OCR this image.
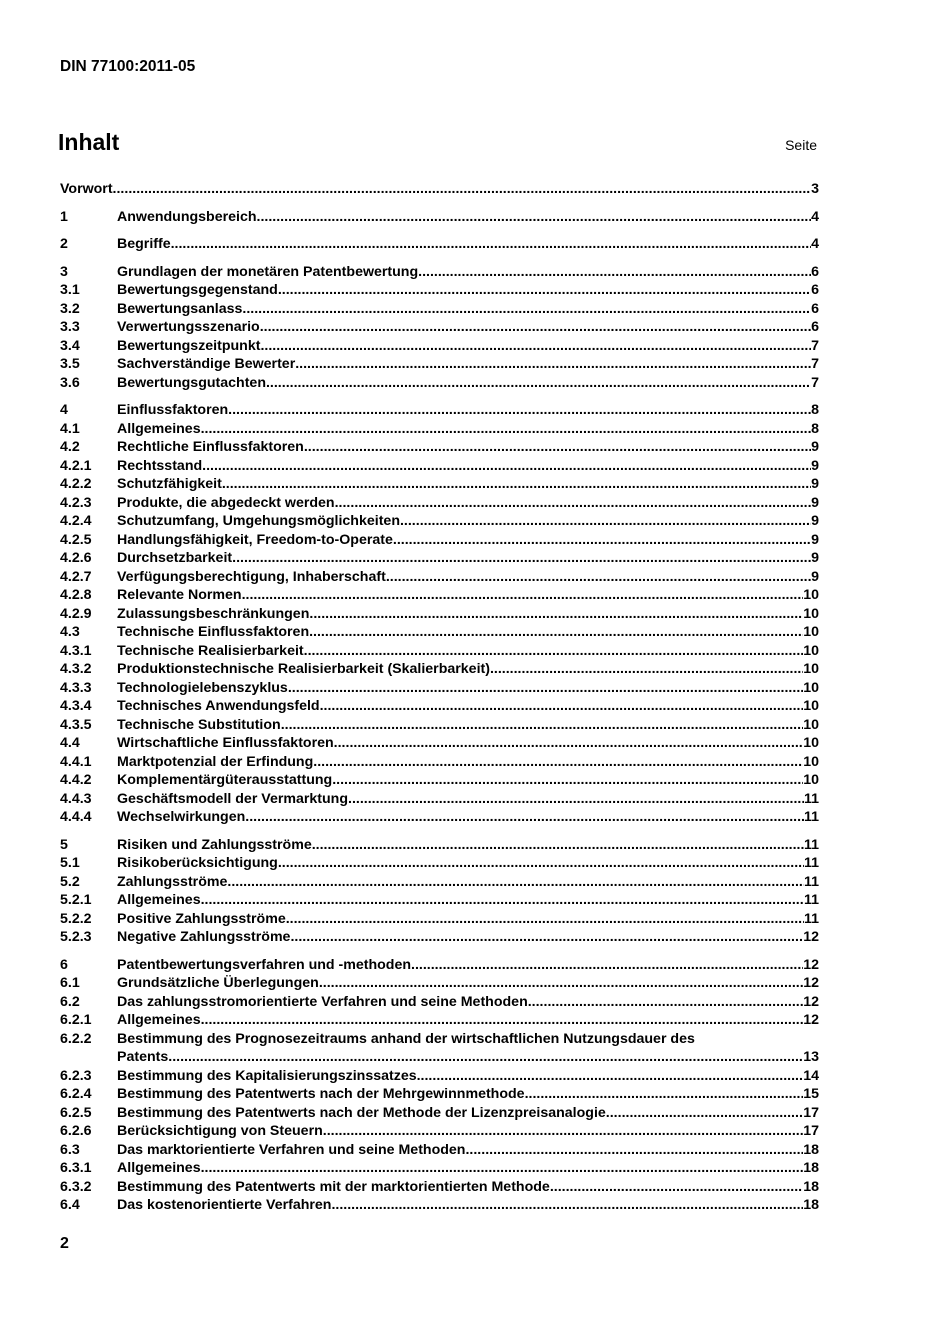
DIN 77100:2011-05
Inhalt	Seite
Vorwort .....	3
1	Anwendungsbereich .....	4
2	Begriffe .....	4
3	Grundlagen der monetären Patentbewertung .....	6
3.1	Bewertungsgegenstand .....	6
3.2	Bewertungsanlass .....	6
3.3	Verwertungsszenario .....	6
3.4	Bewertungszeitpunkt .....	7
3.5	Sachverständige Bewerter .....	7
3.6	Bewertungsgutachten .....	7
4	Einflussfaktoren .....	8
4.1	Allgemeines .....	8
4.2	Rechtliche Einflussfaktoren .....	9
4.2.1	Rechtsstand .....	9
4.2.2	Schutzfähigkeit .....	9
4.2.3	Produkte, die abgedeckt werden .....	9
4.2.4	Schutzumfang, Umgehungsmöglichkeiten .....	9
4.2.5	Handlungsfähigkeit, Freedom-to-Operate .....	9
4.2.6	Durchsetzbarkeit .....	9
4.2.7	Verfügungsberechtigung, Inhaberschaft .....	9
4.2.8	Relevante Normen .....	10
4.2.9	Zulassungsbeschränkungen .....	10
4.3	Technische Einflussfaktoren .....	10
4.3.1	Technische Realisierbarkeit .....	10
4.3.2	Produktionstechnische Realisierbarkeit (Skalierbarkeit) .....	10
4.3.3	Technologielebenszyklus .....	10
4.3.4	Technisches Anwendungsfeld .....	10
4.3.5	Technische Substitution .....	10
4.4	Wirtschaftliche Einflussfaktoren .....	10
4.4.1	Marktpotenzial der Erfindung .....	10
4.4.2	Komplementärgüterausstattung .....	10
4.4.3	Geschäftsmodell der Vermarktung .....	11
4.4.4	Wechselwirkungen .....	11
5	Risiken und Zahlungsströme .....	11
5.1	Risikoberücksichtigung .....	11
5.2	Zahlungsströme .....	11
5.2.1	Allgemeines .....	11
5.2.2	Positive Zahlungsströme .....	11
5.2.3	Negative Zahlungsströme .....	12
6	Patentbewertungsverfahren und -methoden .....	12
6.1	Grundsätzliche Überlegungen .....	12
6.2	Das zahlungsstromorientierte Verfahren und seine Methoden .....	12
6.2.1	Allgemeines .....	12
6.2.2	Bestimmung des Prognosezeitraums anhand der wirtschaftlichen Nutzungsdauer des
Patents .....	13
6.2.3	Bestimmung des Kapitalisierungszinssatzes .....	14
6.2.4	Bestimmung des Patentwerts nach der Mehrgewinnmethode .....	15
6.2.5	Bestimmung des Patentwerts nach der Methode der Lizenzpreisanalogie .....	17
6.2.6	Berücksichtigung von Steuern .....	17
6.3	Das marktorientierte Verfahren und seine Methoden .....	18
6.3.1	Allgemeines .....	18
6.3.2	Bestimmung des Patentwerts mit der marktorientierten Methode .....	18
6.4	Das kostenorientierte Verfahren .....	18
2
